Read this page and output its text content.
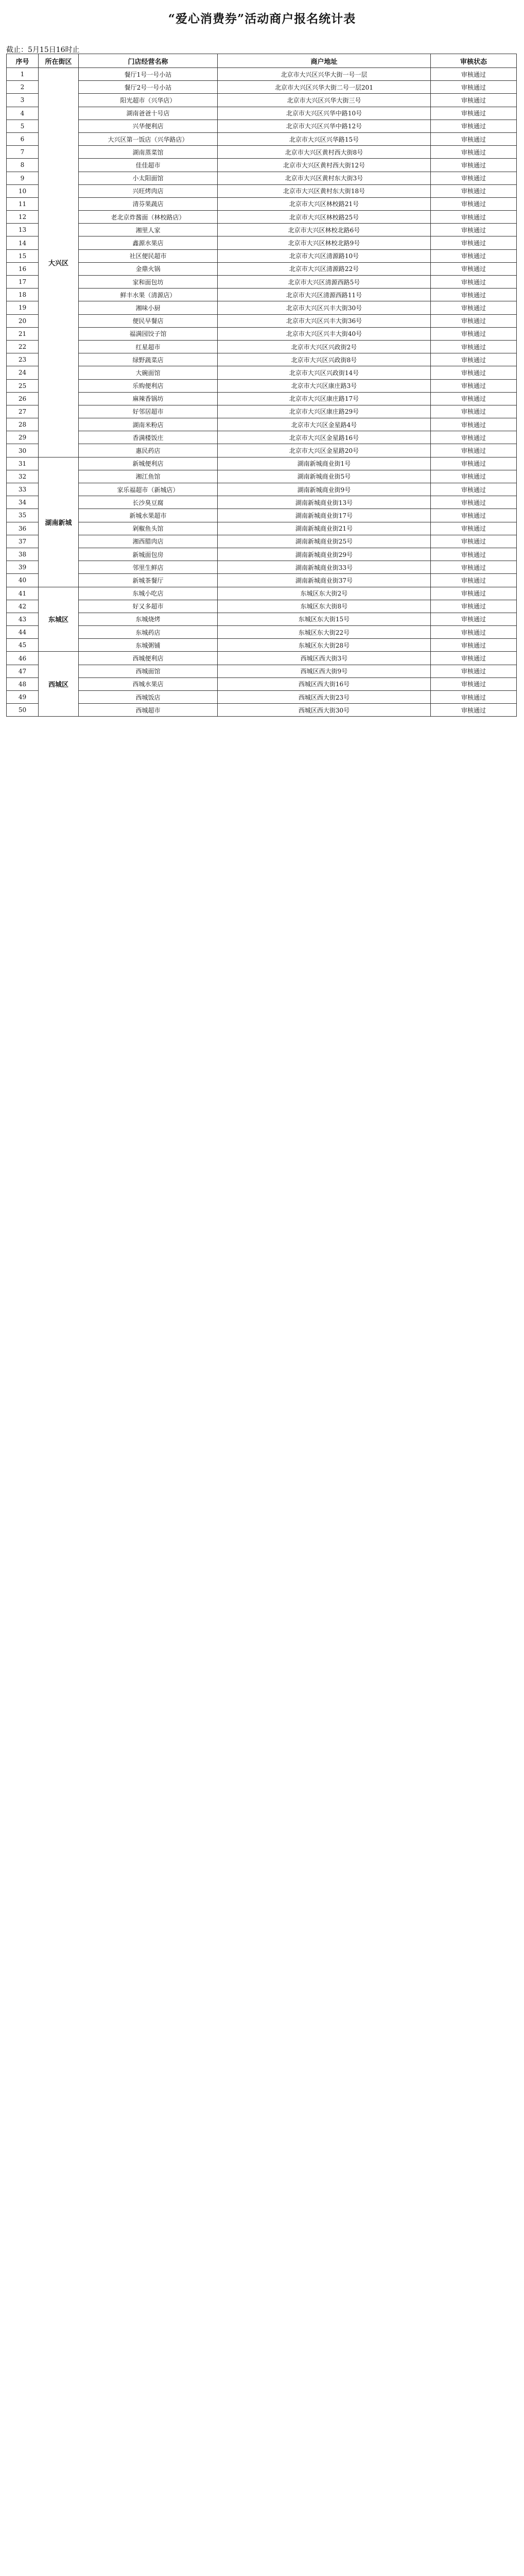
“爱心消费券”活动商户报名统计表
截止：5月15日16时止
序号	所在街区	门店经营名称	商户地址	审核状态
1	大兴区	餐厅1号一号小站	北京市大兴区兴华大街一号一层	审核通过
2		餐厅2号一号小站	北京市大兴区兴华大街二号一层201	审核通过
3		阳光超市（兴华店）	北京市大兴区兴华大街三号	审核通过
4		湖南爸爸十号店	北京市大兴区兴华中路10号	审核通过
5		兴华便利店	北京市大兴区兴华中路12号	审核通过
6		大兴区第一饭店（兴华路店）	北京市大兴区兴华路15号	审核通过
7		湖南蒸菜馆	北京市大兴区黄村西大街8号	审核通过
8		佳佳超市	北京市大兴区黄村西大街12号	审核通过
9		小太阳面馆	北京市大兴区黄村东大街3号	审核通过
10		兴旺烤肉店	北京市大兴区黄村东大街18号	审核通过
11		清芬果蔬店	北京市大兴区林校路21号	审核通过
12		老北京炸酱面（林校路店）	北京市大兴区林校路25号	审核通过
13		湘里人家	北京市大兴区林校北路6号	审核通过
14		鑫源水果店	北京市大兴区林校北路9号	审核通过
15		社区便民超市	北京市大兴区清源路10号	审核通过
16		金鼎火锅	北京市大兴区清源路22号	审核通过
17		家和面包坊	北京市大兴区清源西路5号	审核通过
18		鲜丰水果（清源店）	北京市大兴区清源西路11号	审核通过
19		湘味小厨	北京市大兴区兴丰大街30号	审核通过
20		便民早餐店	北京市大兴区兴丰大街36号	审核通过
21		福满园饺子馆	北京市大兴区兴丰大街40号	审核通过
22		红星超市	北京市大兴区兴政街2号	审核通过
23		绿野蔬菜店	北京市大兴区兴政街8号	审核通过
24		大碗面馆	北京市大兴区兴政街14号	审核通过
25		乐购便利店	北京市大兴区康庄路3号	审核通过
26		麻辣香锅坊	北京市大兴区康庄路17号	审核通过
27		好邻居超市	北京市大兴区康庄路29号	审核通过
28		湖南米粉店	北京市大兴区金星路4号	审核通过
29		香满楼饭庄	北京市大兴区金星路16号	审核通过
30		惠民药店	北京市大兴区金星路20号	审核通过
31	湖南新城	新城便利店	湖南新城商业街1号	审核通过
32		湘江鱼馆	湖南新城商业街5号	审核通过
33		家乐福超市（新城店）	湖南新城商业街9号	审核通过
34		长沙臭豆腐	湖南新城商业街13号	审核通过
35		新城水果超市	湖南新城商业街17号	审核通过
36		剁椒鱼头馆	湖南新城商业街21号	审核通过
37		湘西腊肉店	湖南新城商业街25号	审核通过
38		新城面包房	湖南新城商业街29号	审核通过
39		邻里生鲜店	湖南新城商业街33号	审核通过
40		新城茶餐厅	湖南新城商业街37号	审核通过
41	东城区	东城小吃店	东城区东大街2号	审核通过
42		好又多超市	东城区东大街8号	审核通过
43		东城烧烤	东城区东大街15号	审核通过
44		东城药店	东城区东大街22号	审核通过
45		东城粥铺	东城区东大街28号	审核通过
46	西城区	西城便利店	西城区西大街3号	审核通过
47		西城面馆	西城区西大街9号	审核通过
48		西城水果店	西城区西大街16号	审核通过
49		西城饭店	西城区西大街23号	审核通过
50		西城超市	西城区西大街30号	审核通过
